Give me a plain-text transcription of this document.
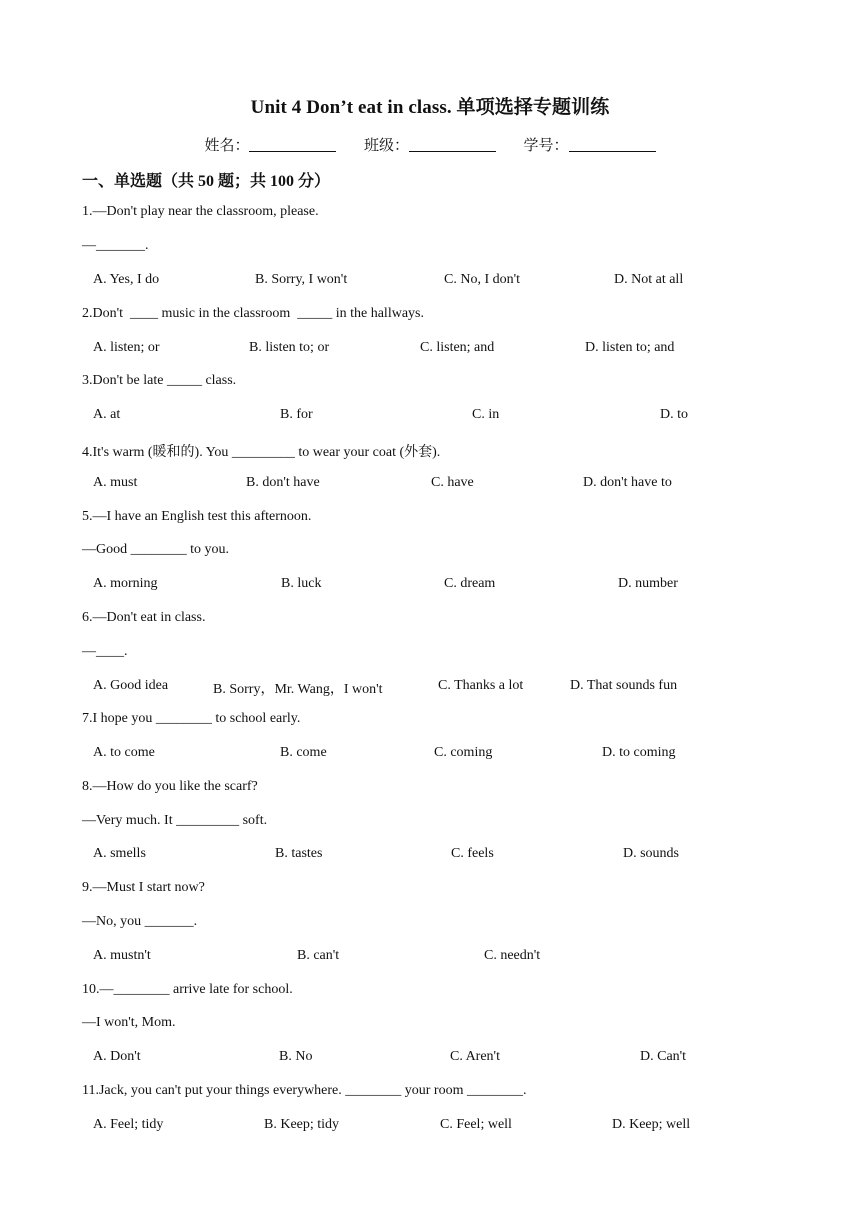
Unit 4 Don’t eat in class. 单项选择专题训练
姓名：	班级：	学号：
一、单选题（共 50 题；共 100 分）
1.—Don't play near the classroom, please.
—_______.
A. Yes, I do	B. Sorry, I won't	C. No, I don't	D. Not at all
2.Don't  ____ music in the classroom  _____ in the hallways.
A. listen; or	B. listen to; or	C. listen; and	D. listen to; and
3.Don't be late _____ class.
A. at	B. for	C. in	D. to
4.It's warm (暖和的). You _________ to wear your coat (外套).
A. must	B. don't have	C. have	D. don't have to
5.—I have an English test this afternoon.
—Good ________ to you.
A. morning	B. luck	C. dream	D. number
6.—Don't eat in class.
—____.
A. Good idea	B. Sorry，Mr. Wang，I won't	C. Thanks a lot	D. That sounds fun
7.I hope you ________ to school early.
A. to come	B. come	C. coming	D. to coming
8.—How do you like the scarf?
—Very much. It _________ soft.
A. smells	B. tastes	C. feels	D. sounds
9.—Must I start now?
—No, you _______.
A. mustn't	B. can't	C. needn't
10.—________ arrive late for school.
—I won't, Mom.
A. Don't	B. No	C. Aren't	D. Can't
11.Jack, you can't put your things everywhere. ________ your room ________.
A. Feel; tidy	B. Keep; tidy	C. Feel; well	D. Keep; well
